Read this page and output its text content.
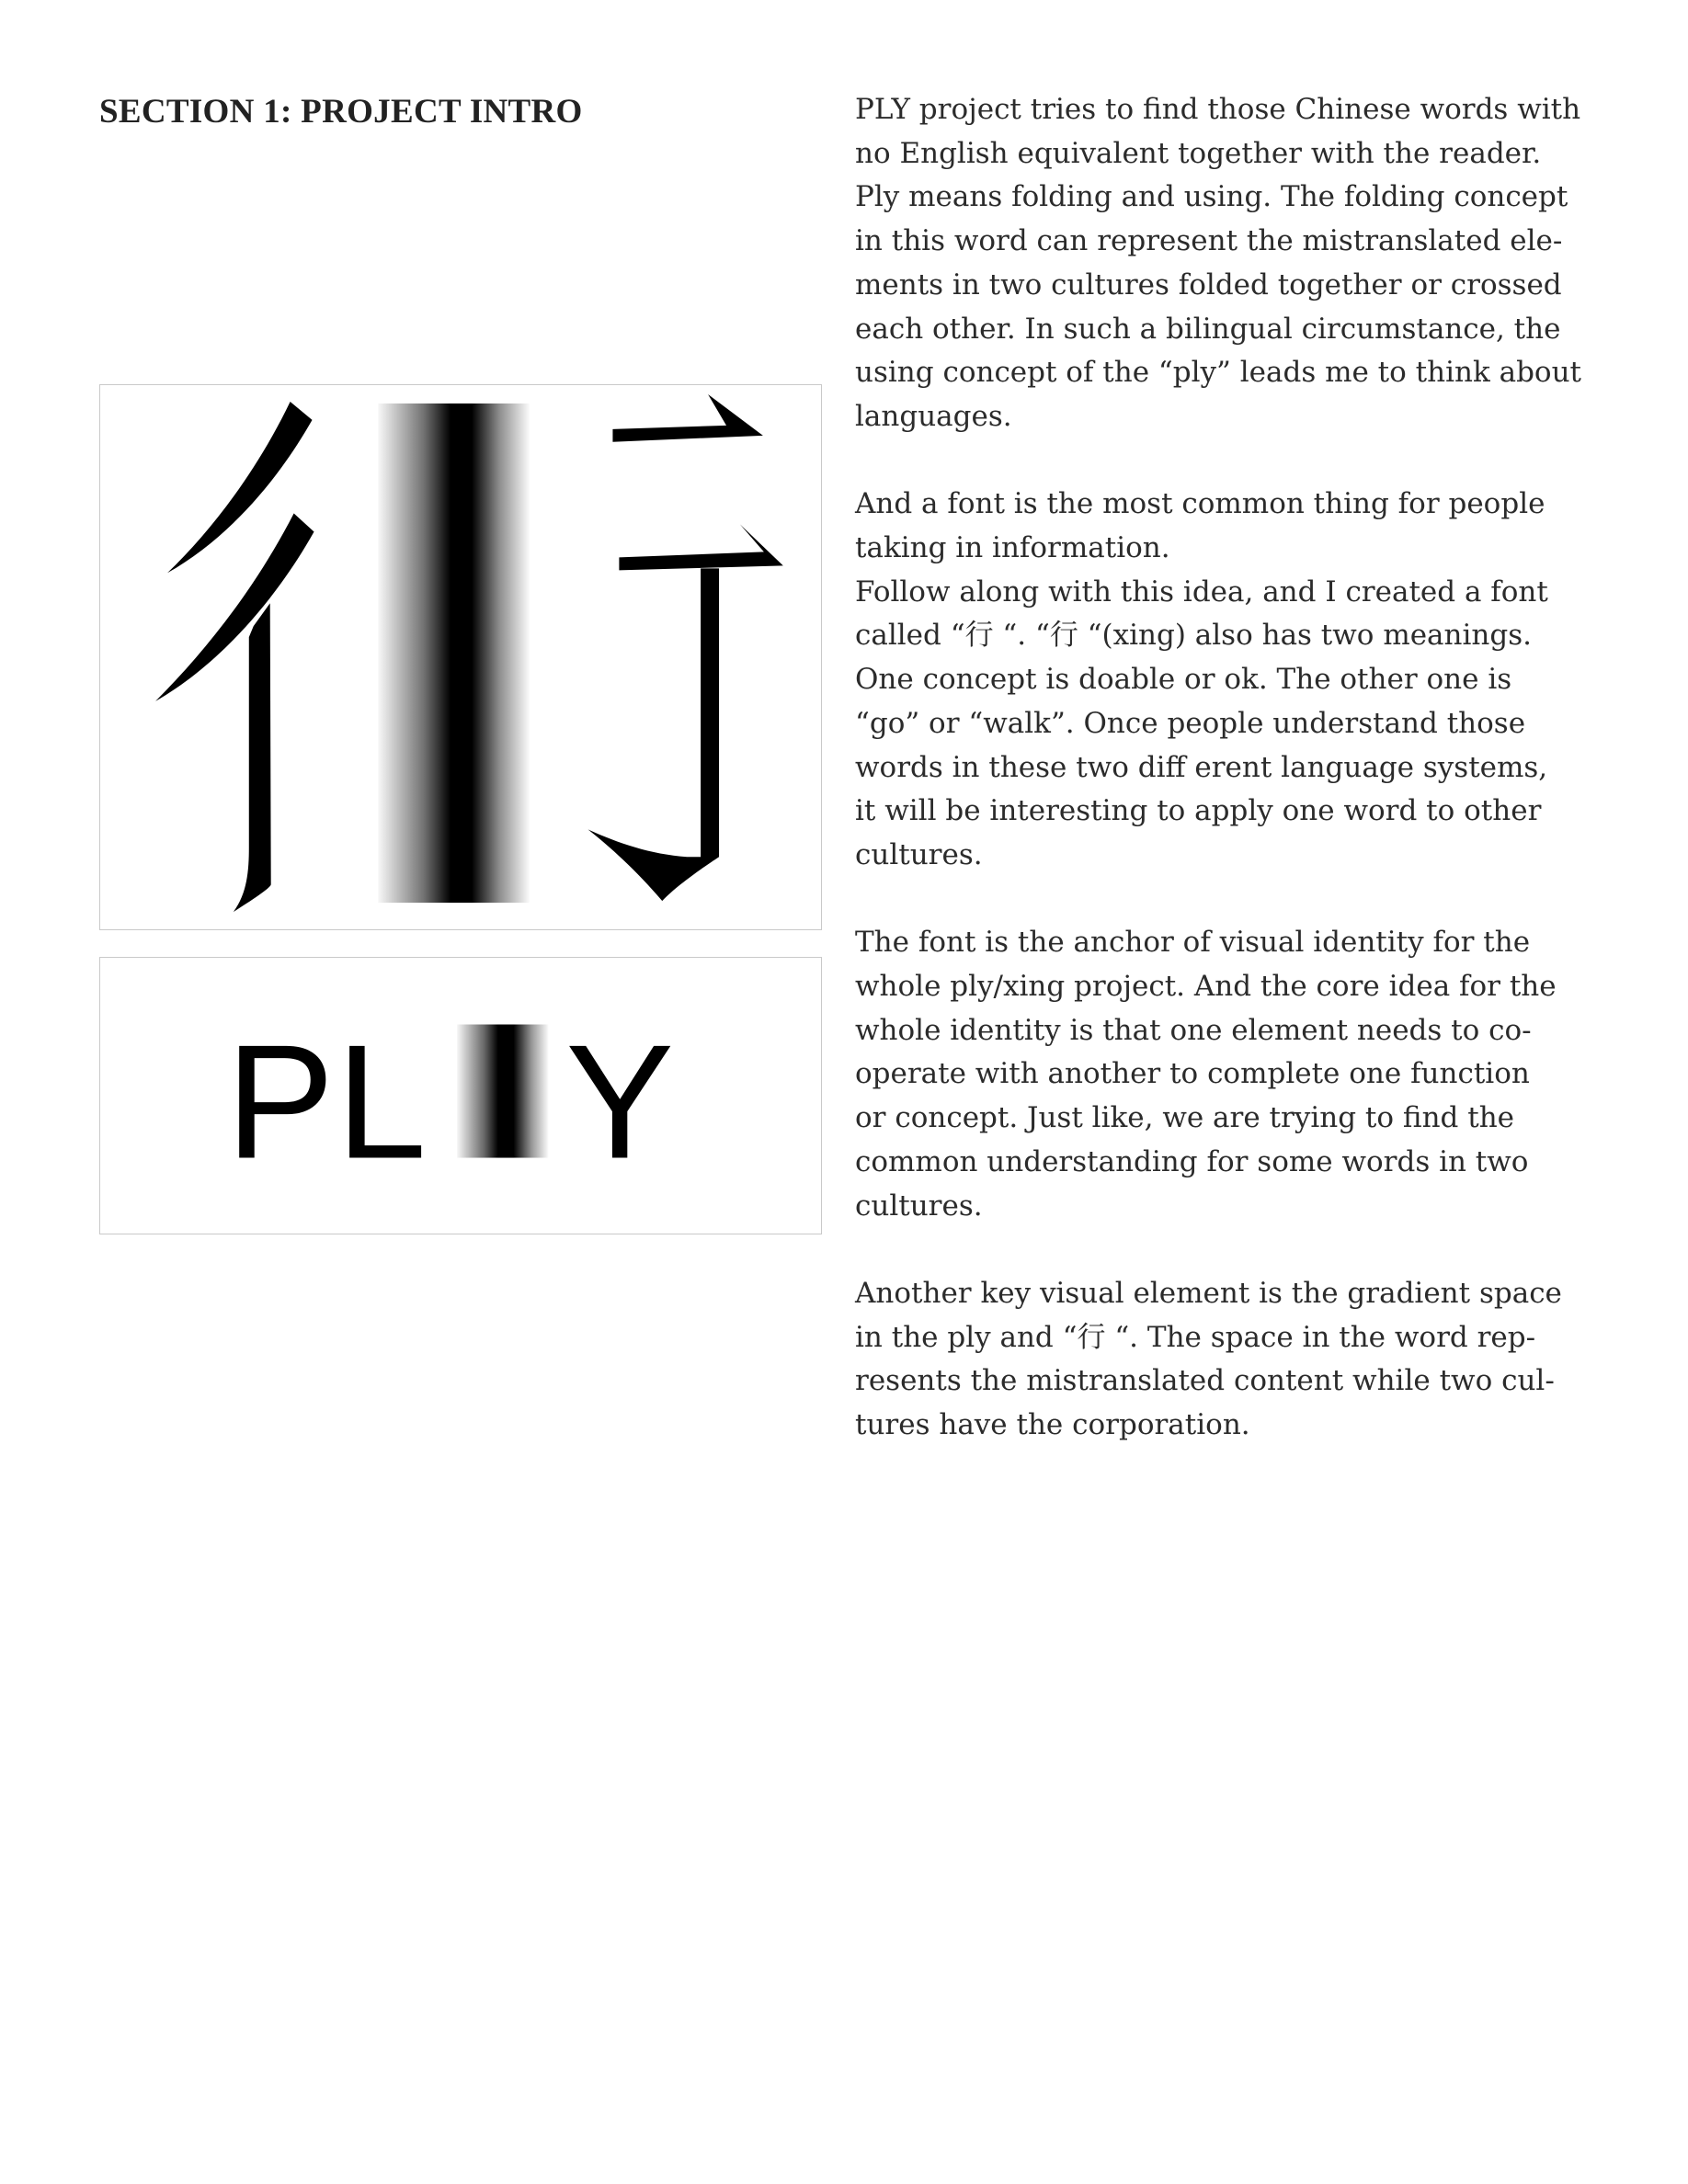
SECTION 1: PROJECT INTRO
PL Y
PLY project tries to find those Chinese words with
no English equivalent together with the reader.
Ply means folding and using. The folding concept
in this word can represent the mistranslated ele-
ments in two cultures folded together or crossed
each other. In such a bilingual circumstance, the
using concept of the “ply” leads me to think about
languages.
And a font is the most common thing for people
taking in information.
Follow along with this idea, and I created a font
called “行 “. “行 “(xing) also has two meanings.
One concept is doable or ok. The other one is
“go” or “walk”. Once people understand those
words in these two diff erent language systems,
it will be interesting to apply one word to other
cultures.
The font is the anchor of visual identity for the
whole ply/xing project. And the core idea for the
whole identity is that one element needs to co-
operate with another to complete one function
or concept. Just like, we are trying to find the
common understanding for some words in two
cultures.
Another key visual element is the gradient space
in the ply and “行 “. The space in the word rep-
resents the mistranslated content while two cul-
tures have the corporation.
